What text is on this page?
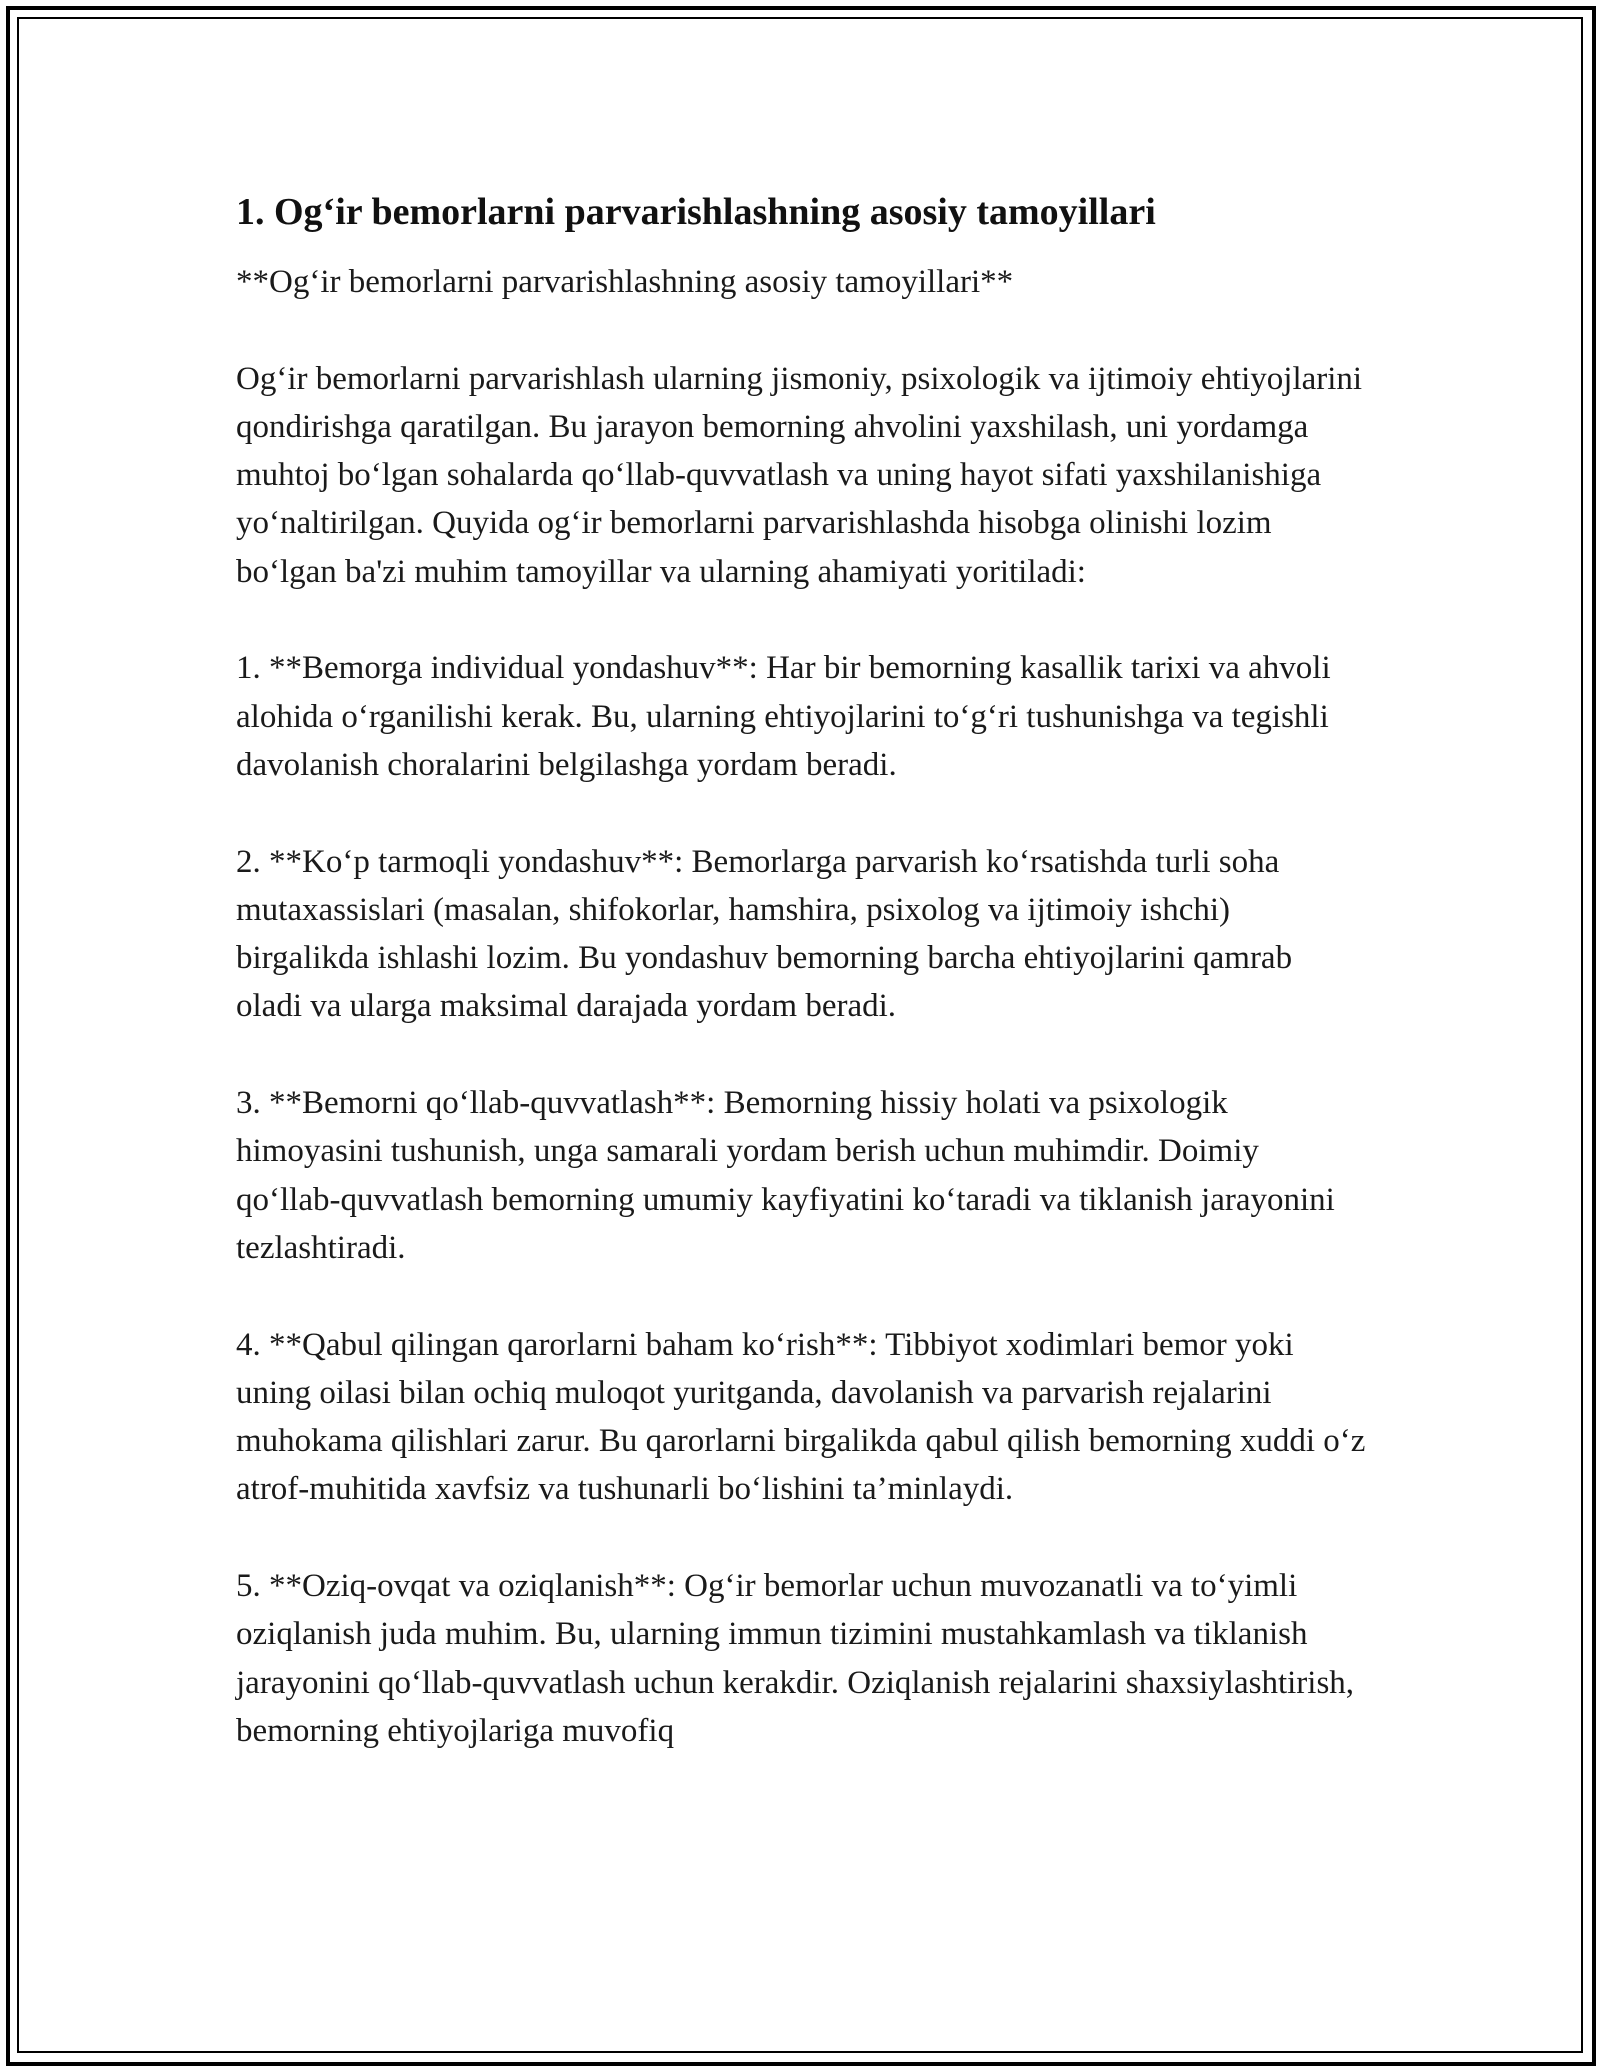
1. Og‘ir bemorlarni parvarishlashning asosiy tamoyillari

**Og‘ir bemorlarni parvarishlashning asosiy tamoyillari**

Og‘ir bemorlarni parvarishlash ularning jismoniy, psixologik va ijtimoiy ehtiyojlarini qondirishga qaratilgan. Bu jarayon bemorning ahvolini yaxshilash, uni yordamga muhtoj bo‘lgan sohalarda qo‘llab-quvvatlash va uning hayot sifati yaxshilanishiga yo‘naltirilgan. Quyida og‘ir bemorlarni parvarishlashda hisobga olinishi lozim bo‘lgan ba'zi muhim tamoyillar va ularning ahamiyati yoritiladi:

1. **Bemorga individual yondashuv**: Har bir bemorning kasallik tarixi va ahvoli alohida o‘rganilishi kerak. Bu, ularning ehtiyojlarini to‘g‘ri tushunishga va tegishli davolanish choralarini belgilashga yordam beradi.

2. **Ko‘p tarmoqli yondashuv**: Bemorlarga parvarish ko‘rsatishda turli soha mutaxassislari (masalan, shifokorlar, hamshira, psixolog va ijtimoiy ishchi) birgalikda ishlashi lozim. Bu yondashuv bemorning barcha ehtiyojlarini qamrab oladi va ularga maksimal darajada yordam beradi.

3. **Bemorni qo‘llab-quvvatlash**: Bemorning hissiy holati va psixologik himoyasini tushunish, unga samarali yordam berish uchun muhimdir. Doimiy qo‘llab-quvvatlash bemorning umumiy kayfiyatini ko‘taradi va tiklanish jarayonini tezlashtiradi.

4. **Qabul qilingan qarorlarni baham ko‘rish**: Tibbiyot xodimlari bemor yoki uning oilasi bilan ochiq muloqot yuritganda, davolanish va parvarish rejalarini muhokama qilishlari zarur. Bu qarorlarni birgalikda qabul qilish bemorning xuddi o‘z atrof-muhitida xavfsiz va tushunarli bo‘lishini ta’minlaydi.

5. **Oziq-ovqat va oziqlanish**: Og‘ir bemorlar uchun muvozanatli va to‘yimli oziqlanish juda muhim. Bu, ularning immun tizimini mustahkamlash va tiklanish jarayonini qo‘llab-quvvatlash uchun kerakdir. Oziqlanish rejalarini shaxsiylashtirish, bemorning ehtiyojlariga muvofiq
